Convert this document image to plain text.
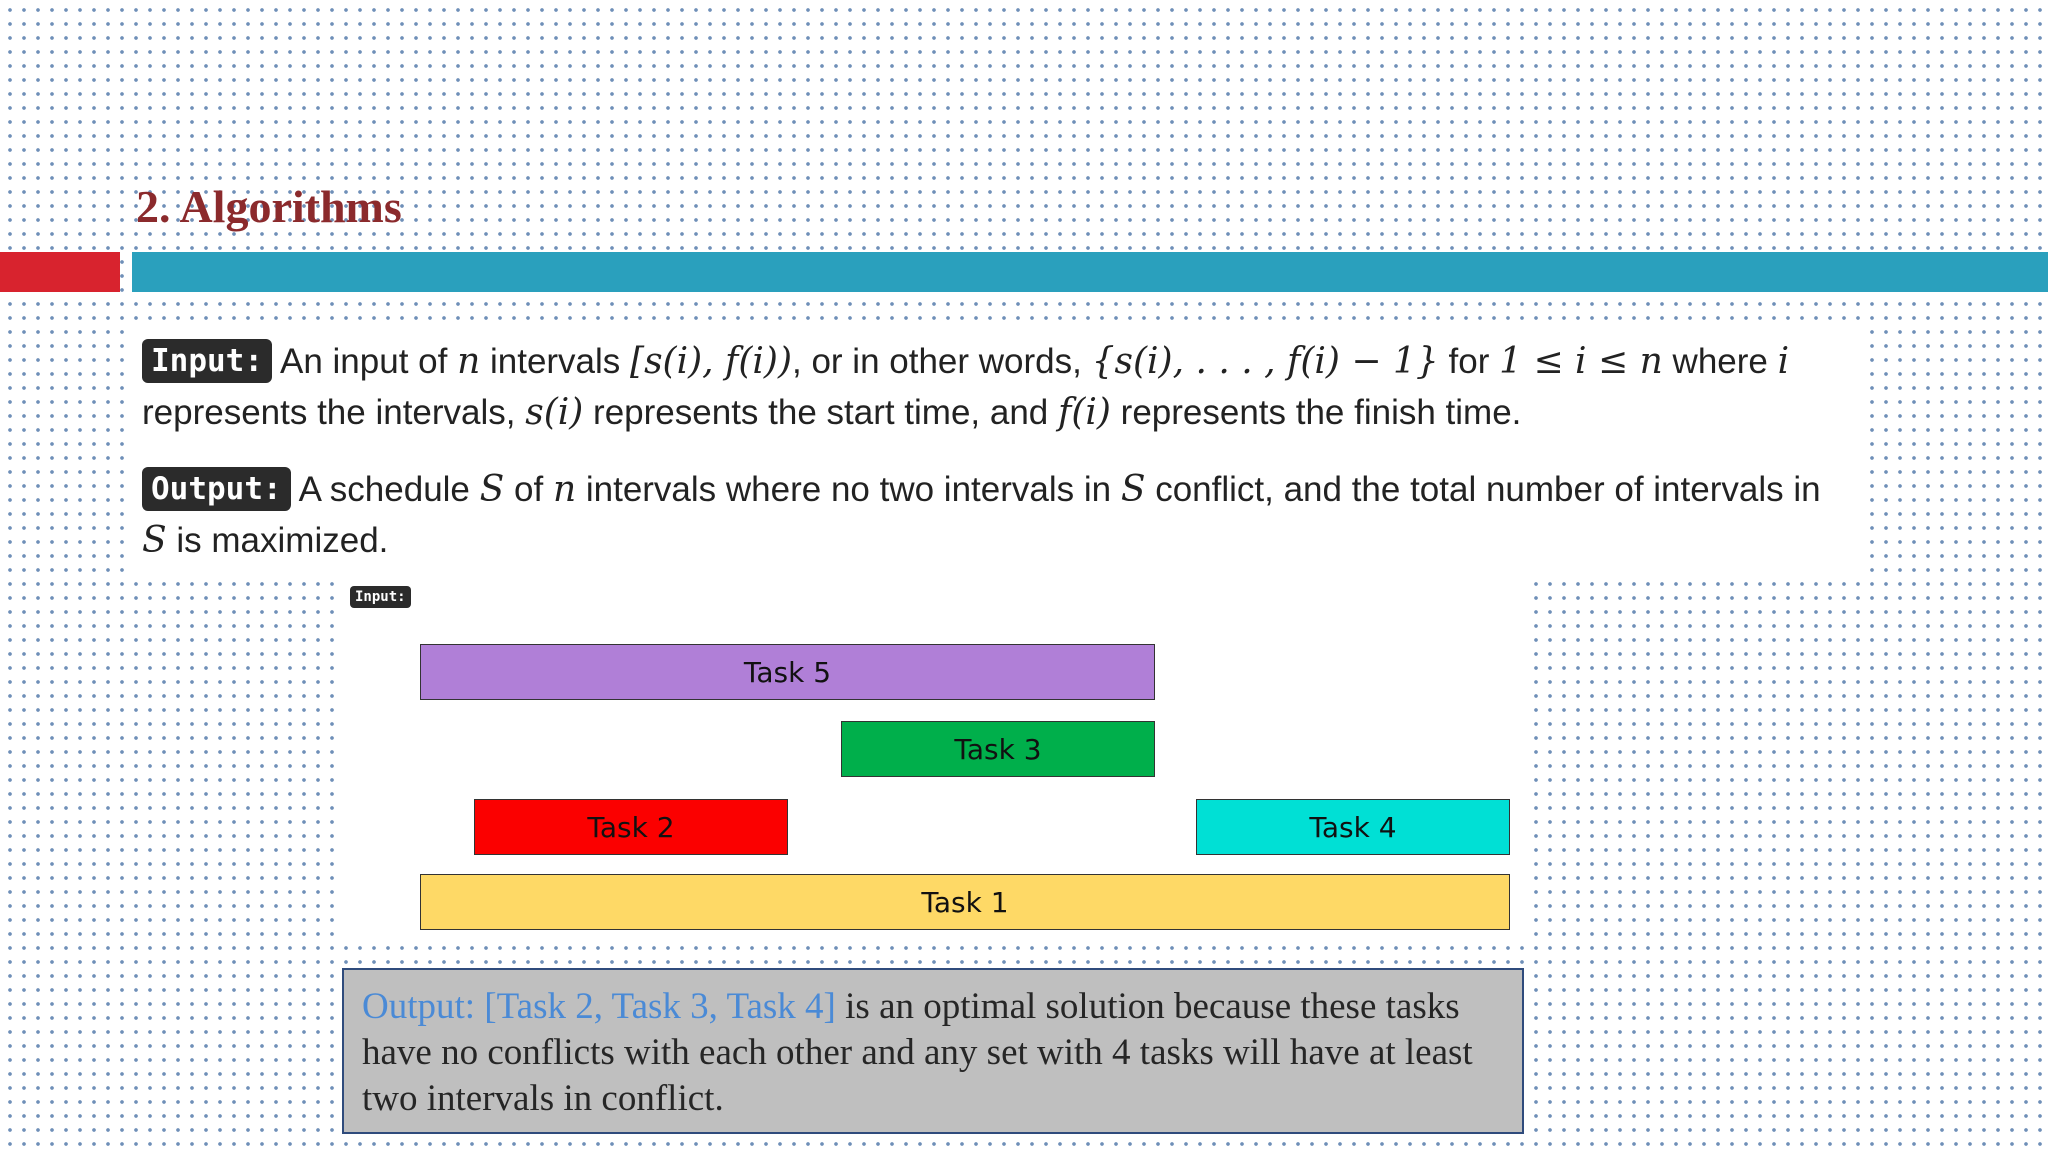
2. Algorithms
Input: An input of n intervals [s(i), f(i)), or in other words, {s(i), . . . , f(i) − 1} for 1 ≤ i ≤ n where i represents the intervals, s(i) represents the start time, and f(i) represents the finish time.
Output: A schedule S of n intervals where no two intervals in S conflict, and the total number of intervals in S is maximized.
Input:
Task 5
Task 3
Task 2	Task 4
Task 1
Output: [Task 2, Task 3, Task 4] is an optimal solution because these tasks have no conflicts with each other and any set with 4 tasks will have at least two intervals in conflict.
